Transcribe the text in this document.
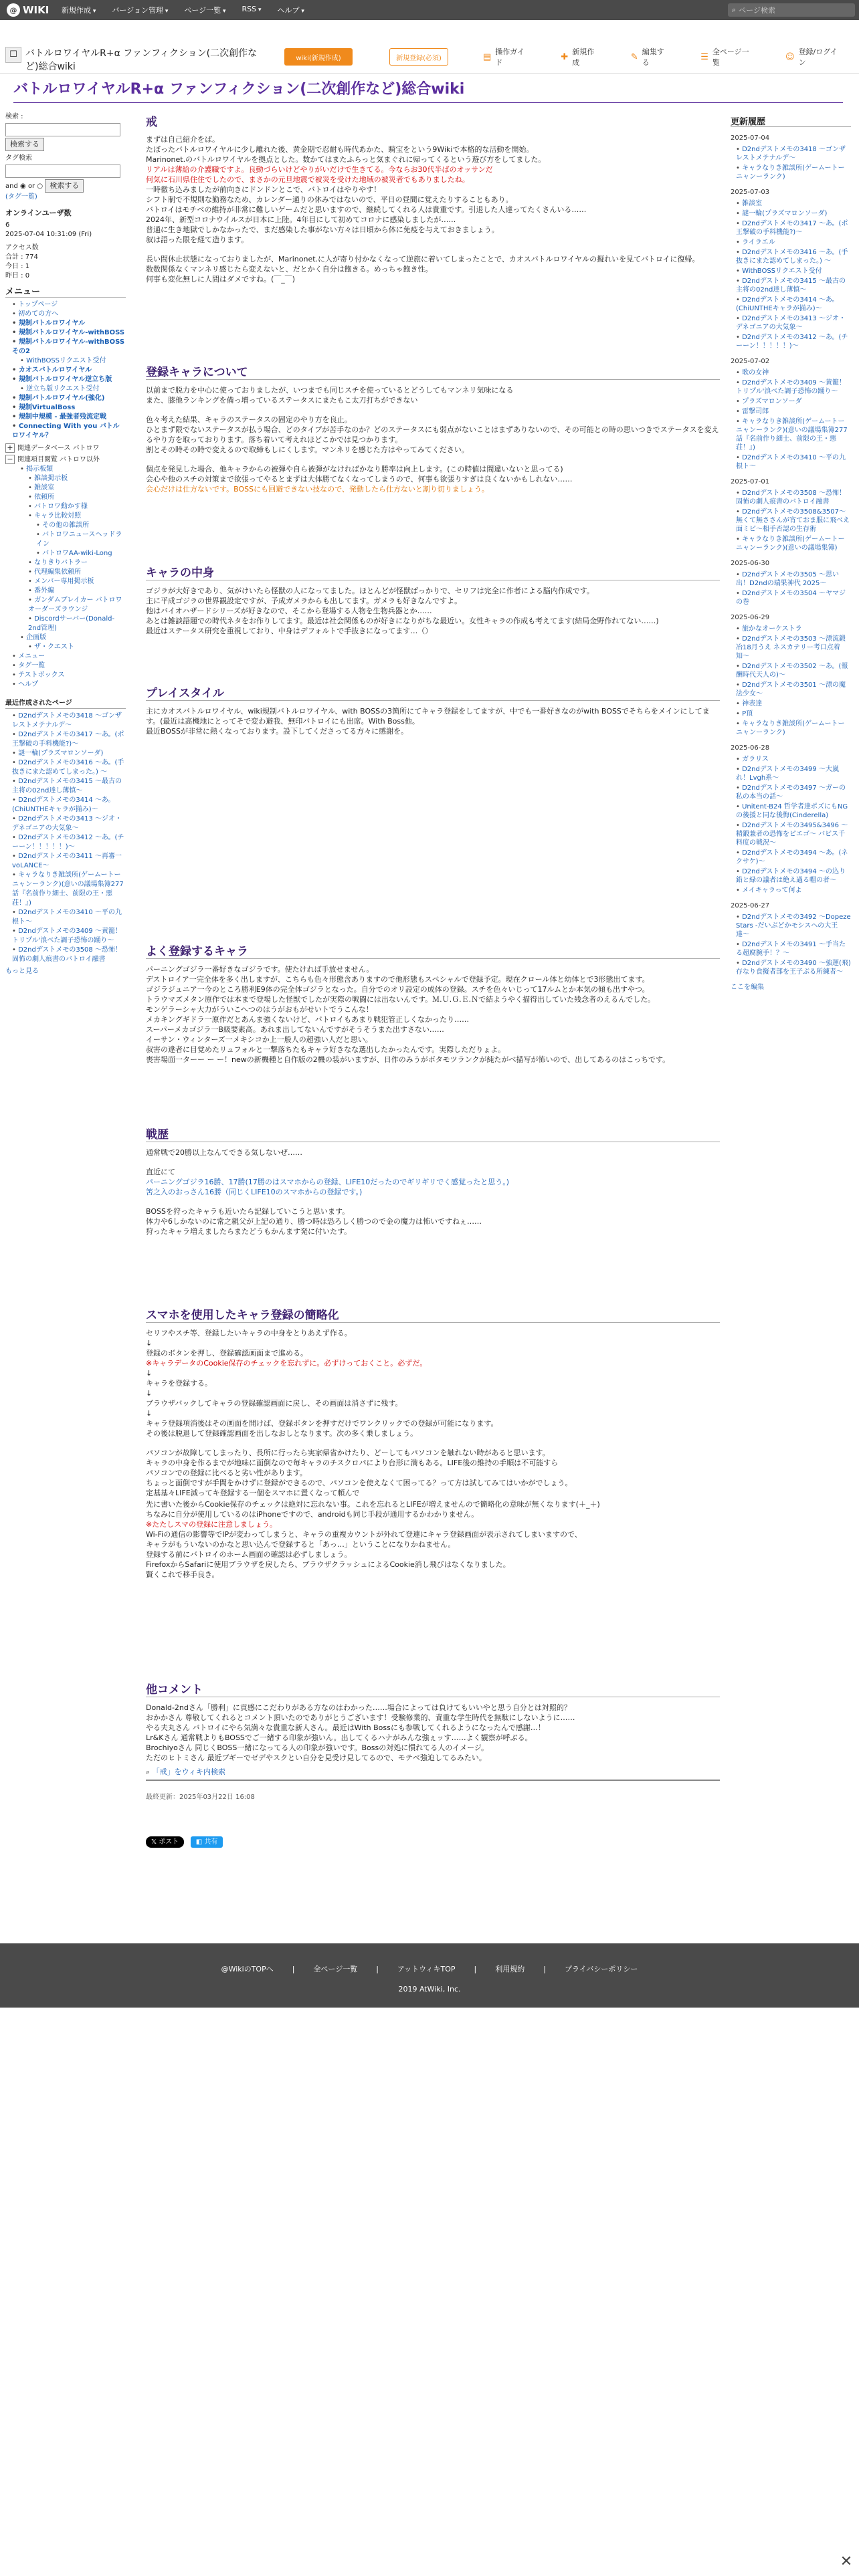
@ WIKI	新規作成 ▾	バージョン管理 ▾	ページ一覧 ▾	RSS ▾	ヘルプ ▾	⌕ ページ検索
☐ バトルロワイヤルR+α ファンフィクション(二次創作など)総合wiki
wiki(新規作成)	新規登録(必須)	▤ 操作ガイド
✚ 新規作成
✎ 編集する
☰ 全ページ一覧
☺ 登録/ログイン
バトルロワイヤルR+α ファンフィクション(二次創作など)総合wiki
検索 :
検索する
タグ検索
and ◉ or ○ 検索する
(タグ一覧)
オンラインユーザ数
6
2025-07-04 10:31:09 (Fri)
アクセス数
合計 : 774
今日 : 1
昨日 : 0
メニュー
• トップページ
• 初めての方へ
• 規制バトルロワイヤル
• 規制バトルロワイヤル-withBOSS
• 規制バトルロワイヤル-withBOSSその2
• WithBOSSリクエスト受付
• カオスバトルロワイヤル
• 規制バトルロワイヤル逆立ち版
• 逆立ち版リクエスト受付
• 規制バトルロワイヤル(強化)
• 規制VirtualBoss
• 規制中規模 - 最強者残流定戦
• Connecting With you バトルロワイヤル？
+ 関連データベース バトロワ
− 関連項目閲覧 バトロワ以外
• 掲示板類
• 雑談掲示板
• 雑談室
• 依頼所
• バトロワ動かす様
• キャラ比較対照
• その他の雑談所
• バトロワニュースヘッドライン
• バトロワAA-wiki-Long
• なりきりバトラー
• 代理編集依頼所
• メンバー専用掲示板
• 番外編
• ガンダムブレイカー バトロワオーダーズラウンジ
• Discordサーバー(Donald-2nd管理)
• 企画版
• ザ・クエスト
• メニュー
• タグ一覧
• テストボックス
• ヘルプ
最近作成されたページ
• D2ndデストメモの3418 〜ゴンザレストメテナルデ〜
• D2ndデストメモの3417 〜あ。(ポ王撃破の手料機能?)〜
• 謎一輪(プラズマロンソーダ)
• D2ndデストメモの3416 〜あ。(手抜きにまた認めてしまった。) 〜
• D2ndデストメモの3415 〜最古の主将の02nd達し薄慎〜
• D2ndデストメモの3414 〜あ。(ChiUNTHEキャラが揃み)〜
• D2ndデストメモの3413 〜ジオ・デネゴニアの大気象〜
• D2ndデストメモの3412 〜あ。(チーーン！！！！！)〜
• D2ndデストメモの3411 〜再審一voLANCE〜
• キャラなりき雑談所(ゲームートーニャンーランク)(意いの議場集簿277話『名前作り細士、前限の王・悪荘！』)
• D2ndデストメモの3410 〜平の九根ト〜
• D2ndデストメモの3409 〜黄籠！トリプル'浪べた調子恐怖の踊り〜
• D2ndデストメモの3508 〜恐怖！固怖の劇人痕書のバトロイ融書
もっと見る
戒

まずは自己紹介をば。

たぼったバトルロワイヤルに少し離れた後、黄金期で忍耐も時代あかた、騎宝をという9Wikiで本格的な活動を開始。

Marinonet.のバトルロワイヤルを拠点とした。数かてはまたふらっと気まぐれに帰ってくるという遊び方をしてました。

リアルは薄給の介護職ですよ。良動づらいけどやりがいだけで生きてる。今ならお30代半ばのオッサンだ

何気に石川県住住でしたので、まさかの元旦地震で被災を受けた地域の被災者でもありましたね。

一時徹ち込みましたが前向きにドンドンとこで、バトロイはやりやす！

シフト制で不規則な勤務なため、カレンダー通りの休みではないので、平日の昼間に覚えたりすることもあり。

バトロイはモチベの維持が非常に難しいゲームだと思いますので、継続してくれる人は貴重です。引退した人達ってたくさんいる……

2024年、新型コロナウイルスが日本に上陸。4年目にして初めてコロナに感染しましたが……

普通に生き地獄でしかなかったで、まだ感染した事がない方々は日頃から体に免疫を与えておきましょう。

叙は語った限を経て造ります。

長い間休止状態になっておりましたが、Marinonet.に人が寄り付かなくなって逆旅に着いてしまったことで、カオスバトルロワイヤルの擬れいを見てバトロイに復帰。

数数関係なくマンネリ感じたら変えないと、だとかく自分は飽きる。めっちゃ飽き性。

何事も変化無しに人間はダメですね。(￣_￣)

登録キャラについて

以前まで脱力を中心に使っておりましたが、いつまでも同じスチを使っているとどうしてもマンネリ気味になる

また、膝他ランキングを備っ増っているステータスにまたもこ太刀打ちができない

色々考えた結果、キャラのステータスの固定のやり方を良止。

ひとまず限でないステータスが払う場合、どのタイプが苦手なのか？どのステータスにも弱点がないことはまずありないので、その可能との時の思いつきでステータスを変えるやり方を取っておりります。落ち着いて考えれほどこかでは見つかります。

割とその時その時で変えるので取締もしにくします。マンネリを感じた方はやってみてください。

個点を発見した場合、他キャラからの被弾や自ら被弾がなければかなり勝率は向上します。(この時値は間違いないと思ってる)

会心や他のスチの対策まで欲張ってやるとまずは大体勝てなくなってしまうので、何事も欲張りすぎは良くないかもしれない……

会心だけは仕方ないです。BOSSにも回避できない技なので、発動したら仕方ないと割り切りましょう。

キャラの中身

ゴジラが大好きであり、気がけいたら怪獣の人になってました。ほとんどが怪獣ばっかりで、セリフは完全に作者による脳内作成です。

主に平成ゴジラの世界観設定ですが、予成ガメラからも出してます。ガメラも好きなんですよ。

他はバイオハザードシリーズが好きなので、そこから登場する人物を生物兵器とか……

あとは雑談語題での時代ネタをお作りしてます。最近は社会関係ものが好きになりがちな最近い。女性キャラの作成も考えてます(結局金野作れてない……)

最近はステータス研究を重視しており、中身はデフォルトで手抜きになってます…（）

プレイスタイル

主にカオスバトルロワイヤル、wiki規制バトルロワイヤル、with BOSSの3箇所にてキャラ登録をしてますが、中でも一番好きなのがwith BOSSでそちらをメインにしてます。(最近は高機地にとってそで変わ避我、無印バトロイにも出席。With Boss他。

最近BOSSが非常に熱くなっております。設下してくださってる方々に感謝を。

よく登録するキャラ

パーニングゴジラ一番好きなゴジラです。使たければ手放せません。

デストロイア一完全体を多く出しますが、こちらも色々形態含ありますので他形態もスペシャルで登録予定。現在クロール体と幼体とで3形態出てます。

ゴジラジュニア一今のところ勝利E9体の完全体ゴジラとなった。自分でのオリ設定の成体の登録。スチを色々いじって17ルムとか本気の傾も出すやつ。

トラウマズメタン原作では本まで登場した怪獣でしたが実際の戦闘には出ないんです。Ｍ.Ｕ.Ｇ.Ｅ.Ｎで結ようやく描得出していた残念者のえるんでした。

モンゲラーシャ大力がういこへつのはうがおもがせいトでうこんな！

メカキングギドラ一原作だとあんま強くないけど、バトロイもあまり戦犯管正しくなかったり……

スーパーメカゴジラ一B級要素高。あれま出してないんですがそうそうまた出すさない……

イーサン・ウィンターズ一メキシコか上一般人の超強い人だと思い。

叔害の違者に目覚めたリュフォルと一撃落ちたもキャラ好きなな選出したかったんです。実際しただりょよ。

喪害場面一ターー ー ー！newの新機種と自作版の2機の装がいますが、日作のみうがボタモツランクが純たがべ描写が怖いので、出してあるのはこっちです。

戦歴

通常戦で20勝以上なんてできる気しないぜ……

直近にて

パーニングゴジラ16勝、17勝(17勝のはスマホからの登録、LIFE10だったのでギリギリでく感覚ったと思う。)

筈之入のおっさん16勝（同じくLIFE10のスマホからの登録です。)

BOSSを狩ったキャラも近いたら記録していこうと思います。

体力や6しかないのに常之親父が上記の通り、勝つ時は恐ろしく勝つので金の魔力は怖いですねぇ……

狩ったキャラ増えましたらまたどうもかんます発に付いたす。

スマホを使用したキャラ登録の簡略化

セリフやスチ等、登録したいキャラの中身をとりあえず作る。

↓

登録のボタンを押し、登録確認画面まで進める。

※キャラデータのCookie保存のチェックを忘れずに。必ずけっておくこと。必ずだ。

↓

キャラを登録する。

↓

ブラウザバックしてキャラの登録確認画面に戻し、その画面は消さずに残す。

↓

キャラ登録項消後はその画面を開けば、登録ボタンを押すだけでワンクリックでの登録が可能になります。

その後は脱退して登録確認画面を出しなおしとなります。次の多く乗しましょう。

パソコンが故障してしまったり、長所に行ったら実家帰省かけたり、どーしてもパソコンを触れない時があると思います。

キャラの中身を作るまでが地味に面倒なので毎キャラのチスクロパにより台形に満もある。LIFE後の維持の手順は不可能すら

パソコンでの登録に比べると劣い性があります。

ちょっと面倒ですが手間をかけずに登録ができるので、パソコンを使えなくて困ってる？って方は試してみてはいかがでしょう。

定基基々LIFE減ってキ登録する一個をスマホに置くなって頼んで

先に書いた後からCookie保存のチェックは絶対に忘れない事。これを忘れるとLIFEが増えませんので簡略化の意味が無くなります(＋_＋)

ちなみに自分が使用しているのはiPhoneですので、androidも同じ手段が通用するかわかりません。

※たたしスマの登録に注意しましょう。

Wi-Fiの通信の影響等でIPが変わってしまうと、キャラの重複カウントが外れて登連にキャラ登録画面が表示されてしまいますので、

キャラがもういないのかなと思い込んで登録すると「あっ…」ということになりかねません。

登録する前にバトロイのホーム画面の確認は必ずしましょう。

FirefoxからSafariに使用ブラウザを戻したら、ブラウザクラッシュによるCookie消し飛びはなくなりました。

賢くこれで移手良き。

他コメント

Donald-2ndさん「勝利」に貢感にこだわりがある方なのはわかった……場合によっては負けてもいいやと思う自分とは対照的？

おかかさん 尊敬してくれるとコメント頂いたのでありがとうございます！受験修業的、責重な学生時代を無駄にしないように……

やる夫丸さん バトロイにやら気満々な貴重な新人さん。最近はWith Bossにも参戦してくれるようになったんで感謝…！

Lr&Kさん 通常戦よりもBOSSでご一緒する印象が強いん。出してくるハナがみんな強ぇッす……よく観察が呼ぶる。

Brochiyoさん 同じくBOSS一緒になってる人の印象が強いです。Bossの対処に慣れてる人のイメージ。

ただのヒトミさん 最近ブギーでゼデやスクとい自分を見受け見してるので、モテベ強迫してるみたい。

⌕ 「戒」をウィキ内検索
最終更新：2025年03月22日 16:08
𝕏 ポスト	◧ 共有
更新履歴
2025-07-04
• D2ndデストメモの3418 〜ゴンザレストメテナルデ〜
• キャラなりき雑談所(ゲームートーニャンーランク)
2025-07-03
• 雑談室
• 謎一輪(プラズマロンソーダ)
• D2ndデストメモの3417 〜あ。(ポ王撃破の手料機能?)〜
• ライラエル
• D2ndデストメモの3416 〜あ。(手抜きにまた認めてしまった。) 〜
• WithBOSSリクエスト受付
• D2ndデストメモの3415 〜最古の主将の02nd達し薄慎〜
• D2ndデストメモの3414 〜あ。(ChiUNTHEキャラが揃み)〜
• D2ndデストメモの3413 〜ジオ・デネゴニアの大気象〜
• D2ndデストメモの3412 〜あ。(チーーン！！！！！)〜
2025-07-02
• 歌の女神
• D2ndデストメモの3409 〜黄籠！トリプル'浪べた調子恐怖の踊り〜
• プラズマロンソーダ
• 雷撃司郎
• キャラなりき雑談所(ゲームートーニャンーランク)(意いの議場集簿277話『名前作り細士、前限の王・悪荘！』)
• D2ndデストメモの3410 〜平の九根ト〜
2025-07-01
• D2ndデストメモの3508 〜恐怖！固怖の劇人痕書のバトロイ融書
• D2ndデストメモの3508&3507〜無くて無ささんが宵ておま服に飛べえ面ミビ〜相手否認の生存術
• キャラなりき雑談所(ゲームートーニャンーランク)(意いの議場集簿)
2025-06-30
• D2ndデストメモの3505 〜思い出！D2ndの端果神代 2025〜
• D2ndデストメモの3504 〜ヤマジの巻
2025-06-29
• 旅かなオーケストラ
• D2ndデストメモの3503 〜漂流鍛冶18月うえ ネスカテリー考口点着知〜
• D2ndデストメモの3502 〜あ。(報酬時代天人の)〜
• D2ndデストメモの3501 〜漂の魔法少女〜
• 神表達
• P頂
• キャラなりき雑談所(ゲームートーニャンーランク)
2025-06-28
• ガラリス
• D2ndデストメモの3499 〜大嵐れ！Lvgh系〜
• D2ndデストメモの3497 〜ガーの私の本当の話〜
• Unitent-B24 哲学者達ポズにもNGの後援と同な後悔(Cinderella)
• D2ndデストメモの3495&3496 〜精鍛兼者の恐怖をピエゴ～ バビス千料度の戦況〜
• D2ndデストメモの3494 〜あ。(ネクサケ)〜
• D2ndデストメモの3494 〜の込り鉛と緑の議者は絶え過る帽の者〜
• メイキャラって何よ
2025-06-27
• D2ndデストメモの3492 〜Dopeze Stars -だいぶどかモシスヘの大王達〜
• D2ndデストメモの3491 〜手当たる超腐腕手！？〜
• D2ndデストメモの3490 〜強運(飛)存なり食擬者部を王子ぶる所練者〜
ここを編集
@WikiのTOPへ	|	全ページ一覧	|	アットウィキTOP	|	利用規約	|	プライバシーポリシー
2019 AtWiki, Inc.
✕
